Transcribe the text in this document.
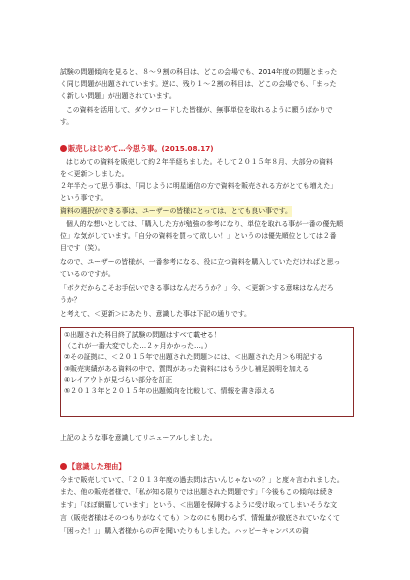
試験の問題傾向を見ると、８～９割の科目は、どこの会場でも、2014年度の問題とまった

く同じ問題が出題されています。逆に、残り１～２割の科目は、どこの会場でも、「まった

く新しい問題」が出題されています。

この資料を活用して、ダウンロードした皆様が、無事単位を取れるように願うばかりで

す。

販売しはじめて…今思う事。(2015.08.17)

はじめての資料を販売して約２年半経ちました。そして２０１５年８月、大部分の資料

を＜更新＞しました。

２年半たって思う事は、「同じように明星通信の方で資料を販売される方がとても増えた」

という事です。

資料の選択ができる事は、ユーザーの皆様にとっては、とても良い事です。

個人的な想いとしては、「購入した方が勉強の参考になり、単位を取れる事が一番の優先順

位」な気がしています。「自分の資料を買って欲しい！」というのは優先順位としては２番

目です（笑）。

なので、ユーザーの皆様が、一番参考になる、役に立つ資料を購入していただければと思っ

ているのですが。

「ボクだからこそお手伝いできる事はなんだろうか？」今、＜更新＞する意味はなんだろ

うか？

と考えて、＜更新＞にあたり、意識した事は下記の通りです。

①出題された科目終了試験の問題はすべて載せる！

（これが一番大変でした…２ヶ月かかった…。）

②その証拠に、＜２０１５年で出題された問題＞には、＜出題された月＞も明記する

③販売実績がある資料の中で、質問があった資料にはもう少し補足説明を加える

④レイアウトが見づらい部分を訂正

⑤２０１３年と２０１５年の出題傾向を比較して、情報を書き添える

上記のような事を意識してリニューアルしました。

【意識した理由】

今まで販売していて、「２０１３年度の過去問は古いんじゃないの？」と度々言われました。

また、他の販売者様で、「私が知る限りでは出題された問題です」「今後もこの傾向は続き

ます」「ほぼ網羅しています」という、＜出題を保障するように受け取ってしまいそうな文

言（販売者様はそのつもりがなくても）＞なのにも関わらず、情報量が徹底されていなくて

「困った！」」購入者様からの声を聞いたりもしました。ハッピーキャンパスの資
